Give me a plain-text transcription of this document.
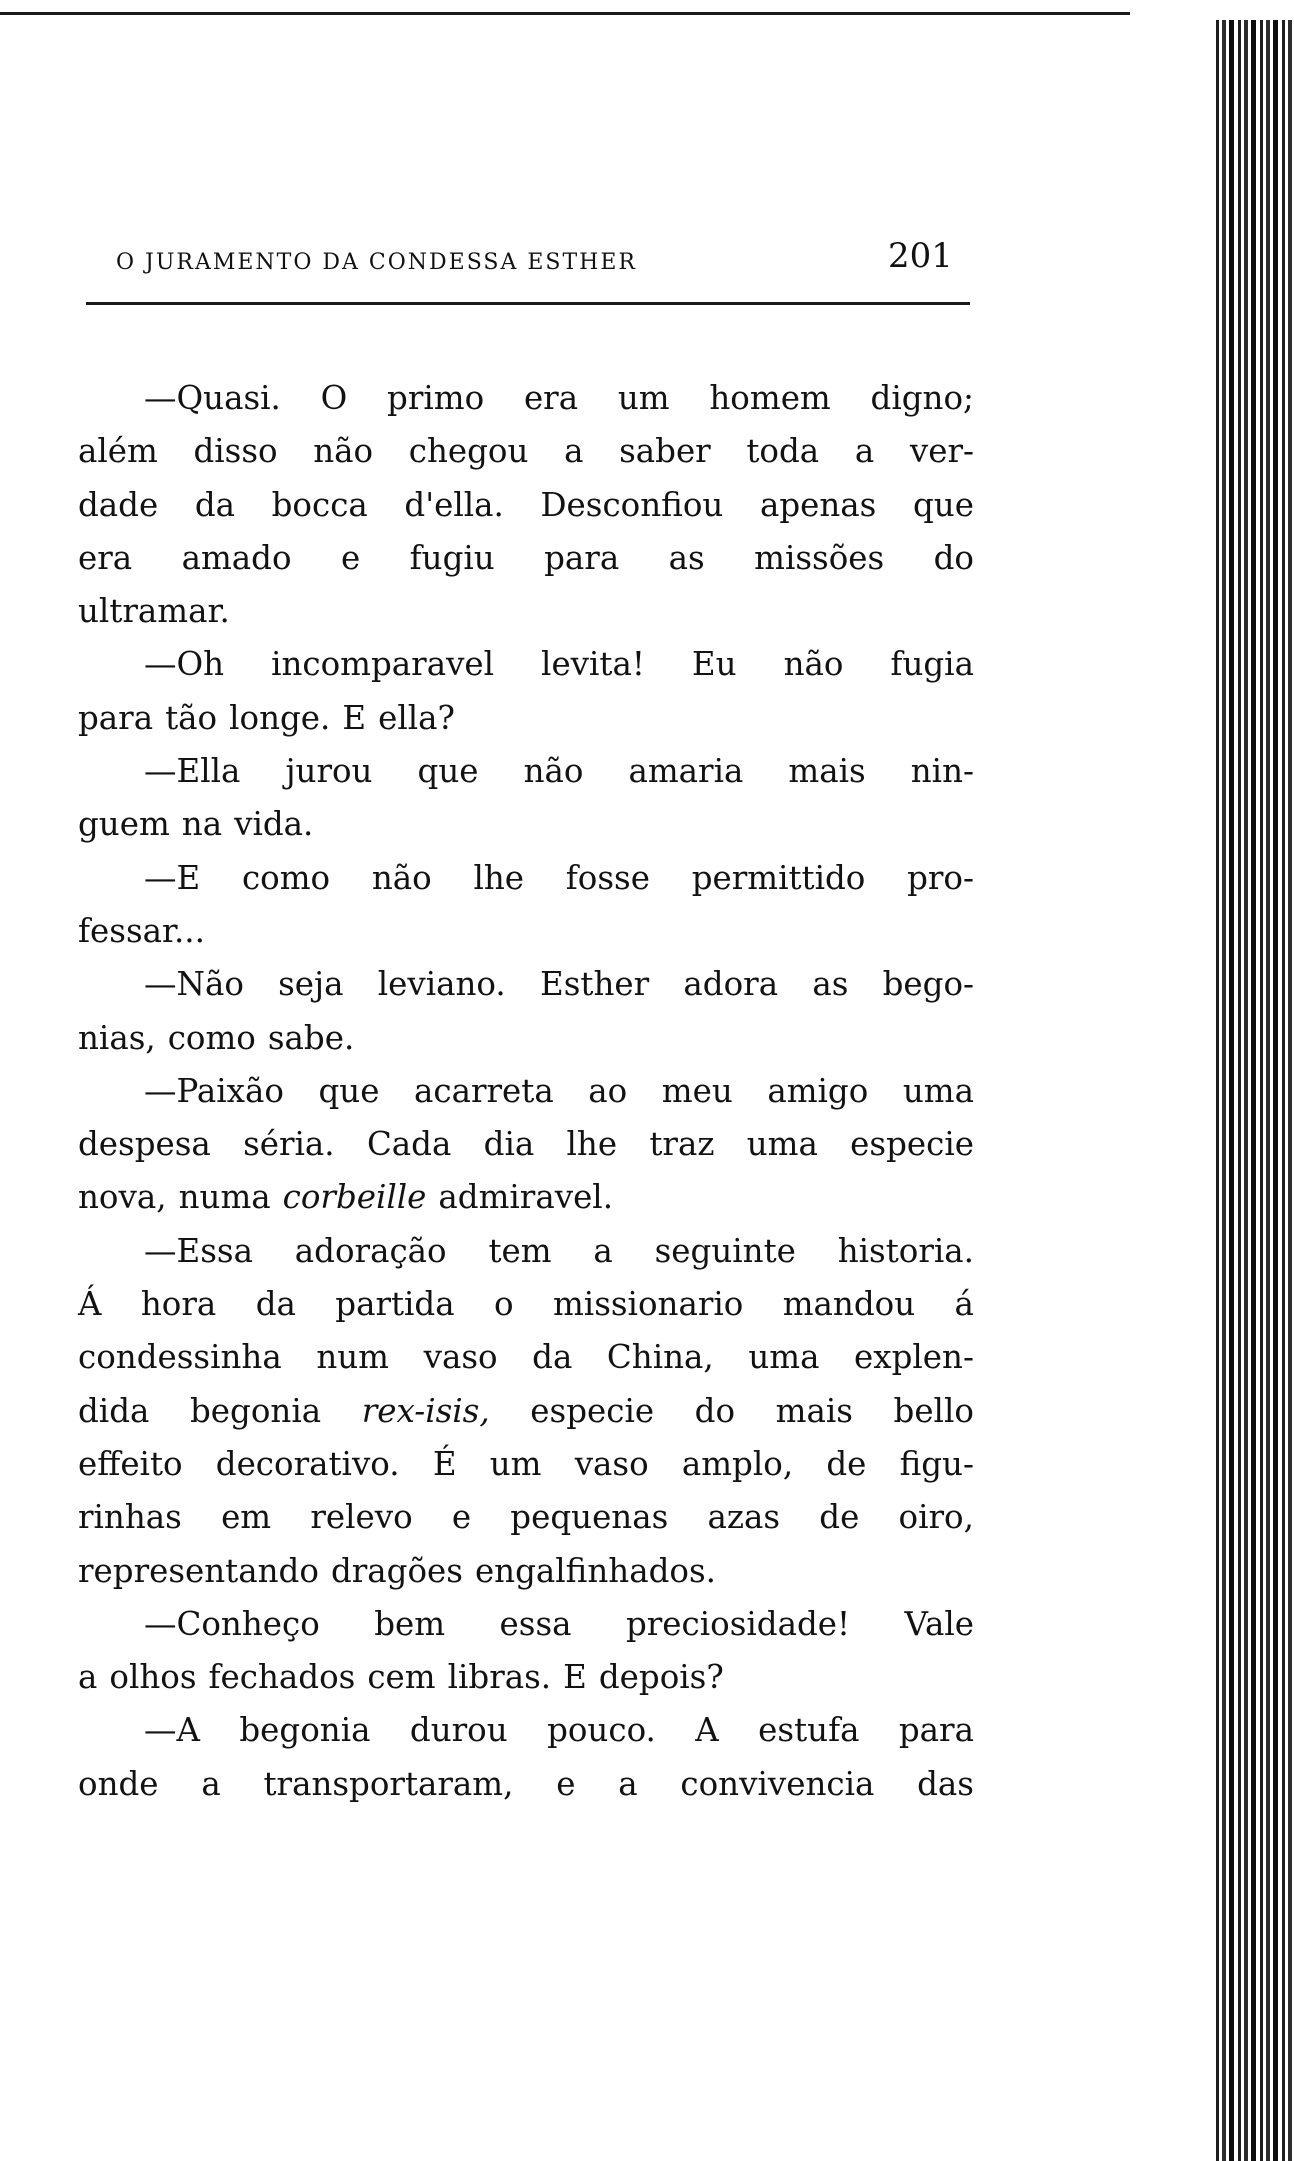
O JURAMENTO DA CONDESSA ESTHER	201
—Quasi. O primo era um homem digno;
além disso não chegou a saber toda a ver-
dade da bocca d'ella. Desconfiou apenas que
era amado e fugiu para as missões do
ultramar.
—Oh incomparavel levita! Eu não fugia
para tão longe. E ella?
—Ella jurou que não amaria mais nin-
guem na vida.
—E como não lhe fosse permittido pro-
fessar...
—Não seja leviano. Esther adora as bego-
nias, como sabe.
—Paixão que acarreta ao meu amigo uma
despesa séria. Cada dia lhe traz uma especie
nova, numa corbeille admiravel.
—Essa adoração tem a seguinte historia.
Á hora da partida o missionario mandou á
condessinha num vaso da China, uma explen-
dida begonia rex-isis, especie do mais bello
effeito decorativo. É um vaso amplo, de figu-
rinhas em relevo e pequenas azas de oiro,
representando dragões engalfinhados.
—Conheço bem essa preciosidade! Vale
a olhos fechados cem libras. E depois?
—A begonia durou pouco. A estufa para
onde a transportaram, e a convivencia das
